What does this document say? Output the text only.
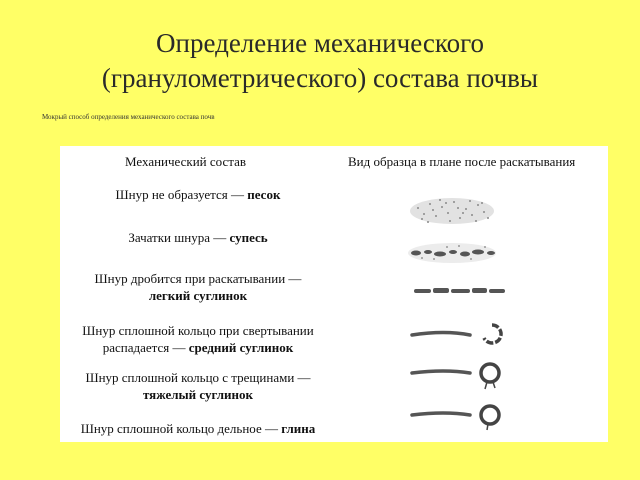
Определение механического
(гранулометрического) состава почвы
Мокрый способ определения механического состава почв
Механический состав	Вид образца в плане после раскатывания
Шнур не образуется — песок
Зачатки шнура — супесь
Шнур дробится при раскатывании —
легкий суглинок
Шнур сплошной кольцо при свертывании распадается — средний суглинок
Шнур сплошной кольцо с трещинами —
тяжелый суглинок
Шнур сплошной кольцо дельное — глина
